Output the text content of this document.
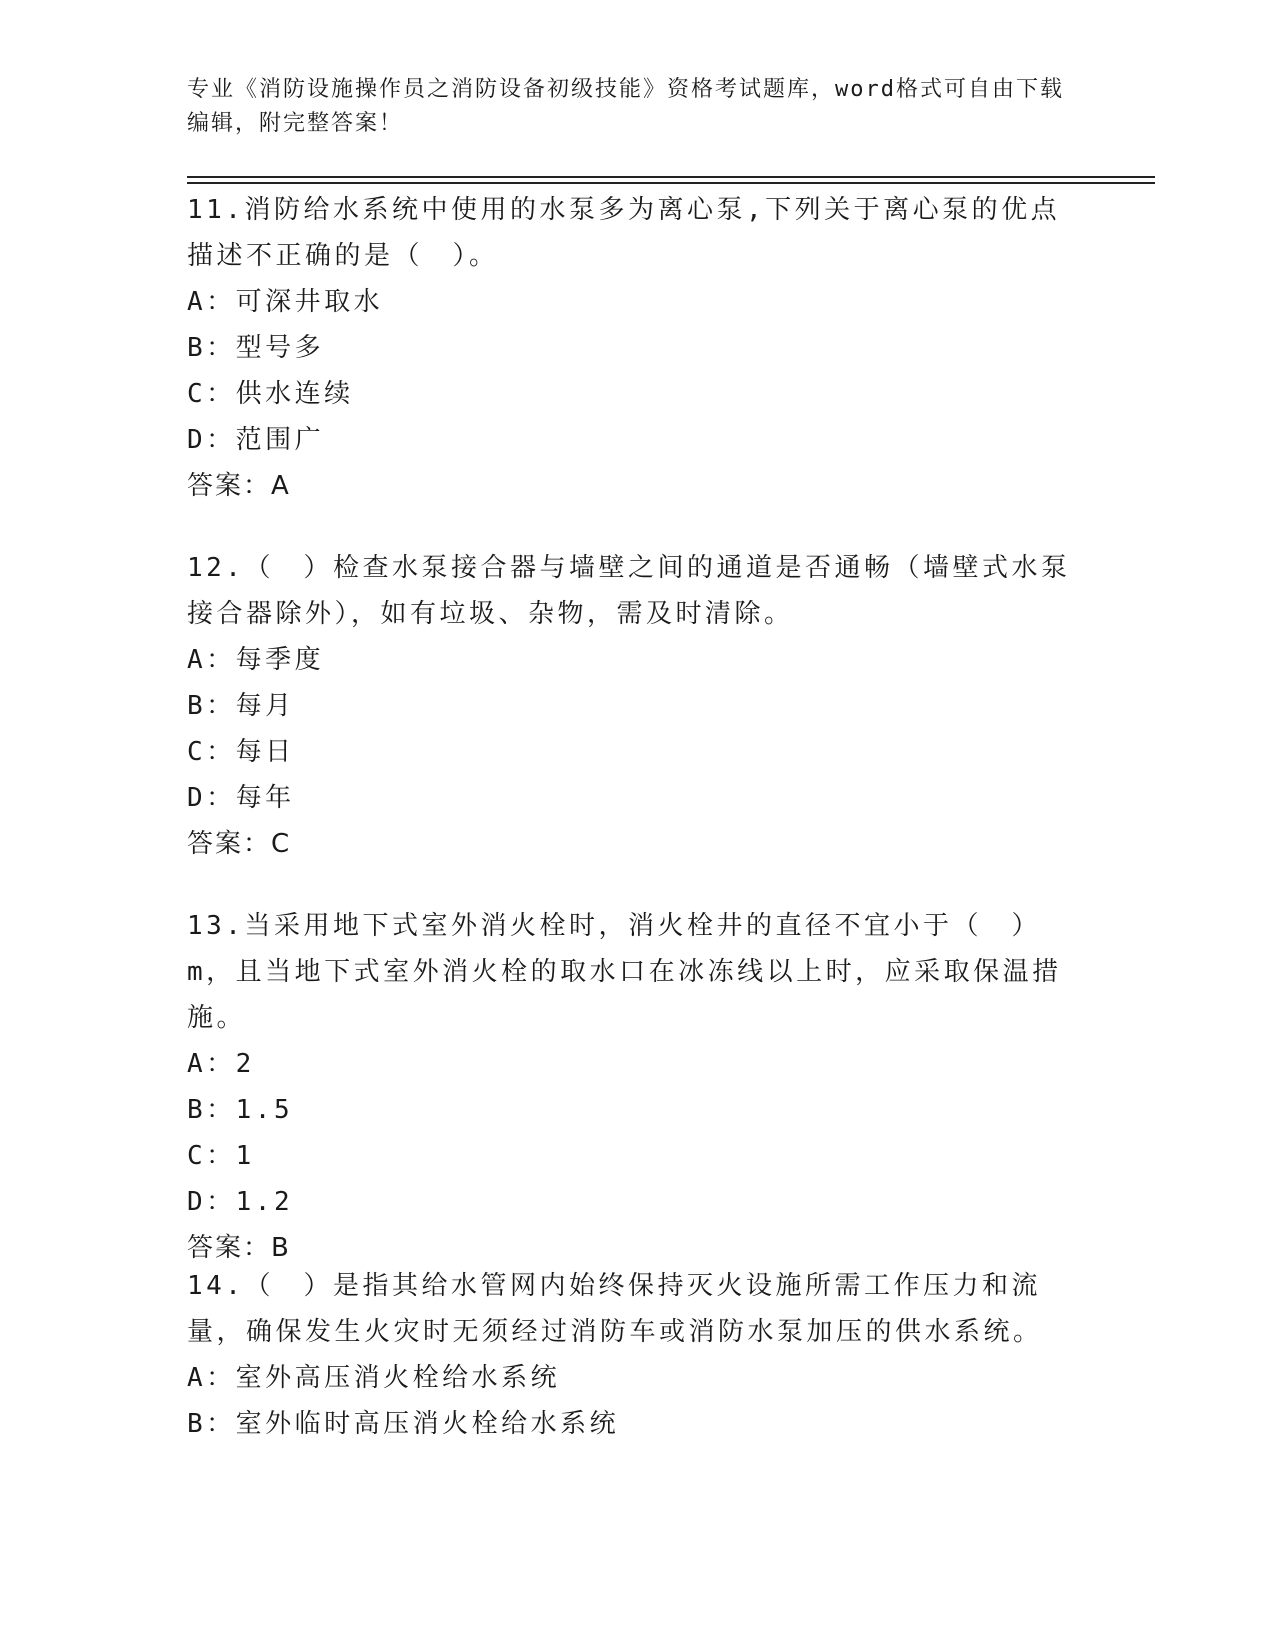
专业《消防设施操作员之消防设备初级技能》资格考试题库，word格式可自由下载编辑，附完整答案！
11.消防给水系统中使用的水泵多为离心泵,下列关于离心泵的优点描述不正确的是（　）。
A：可深井取水
B：型号多
C：供水连续
D：范围广
答案：A
12.（　）检查水泵接合器与墙壁之间的通道是否通畅（墙壁式水泵接合器除外），如有垃圾、杂物，需及时清除。
A：每季度
B：每月
C：每日
D：每年
答案：C
13.当采用地下式室外消火栓时，消火栓井的直径不宜小于（　）m，且当地下式室外消火栓的取水口在冰冻线以上时，应采取保温措施。
A：2
B：1.5
C：1
D：1.2
答案：B
14.（　）是指其给水管网内始终保持灭火设施所需工作压力和流量，确保发生火灾时无须经过消防车或消防水泵加压的供水系统。
A：室外高压消火栓给水系统
B：室外临时高压消火栓给水系统
